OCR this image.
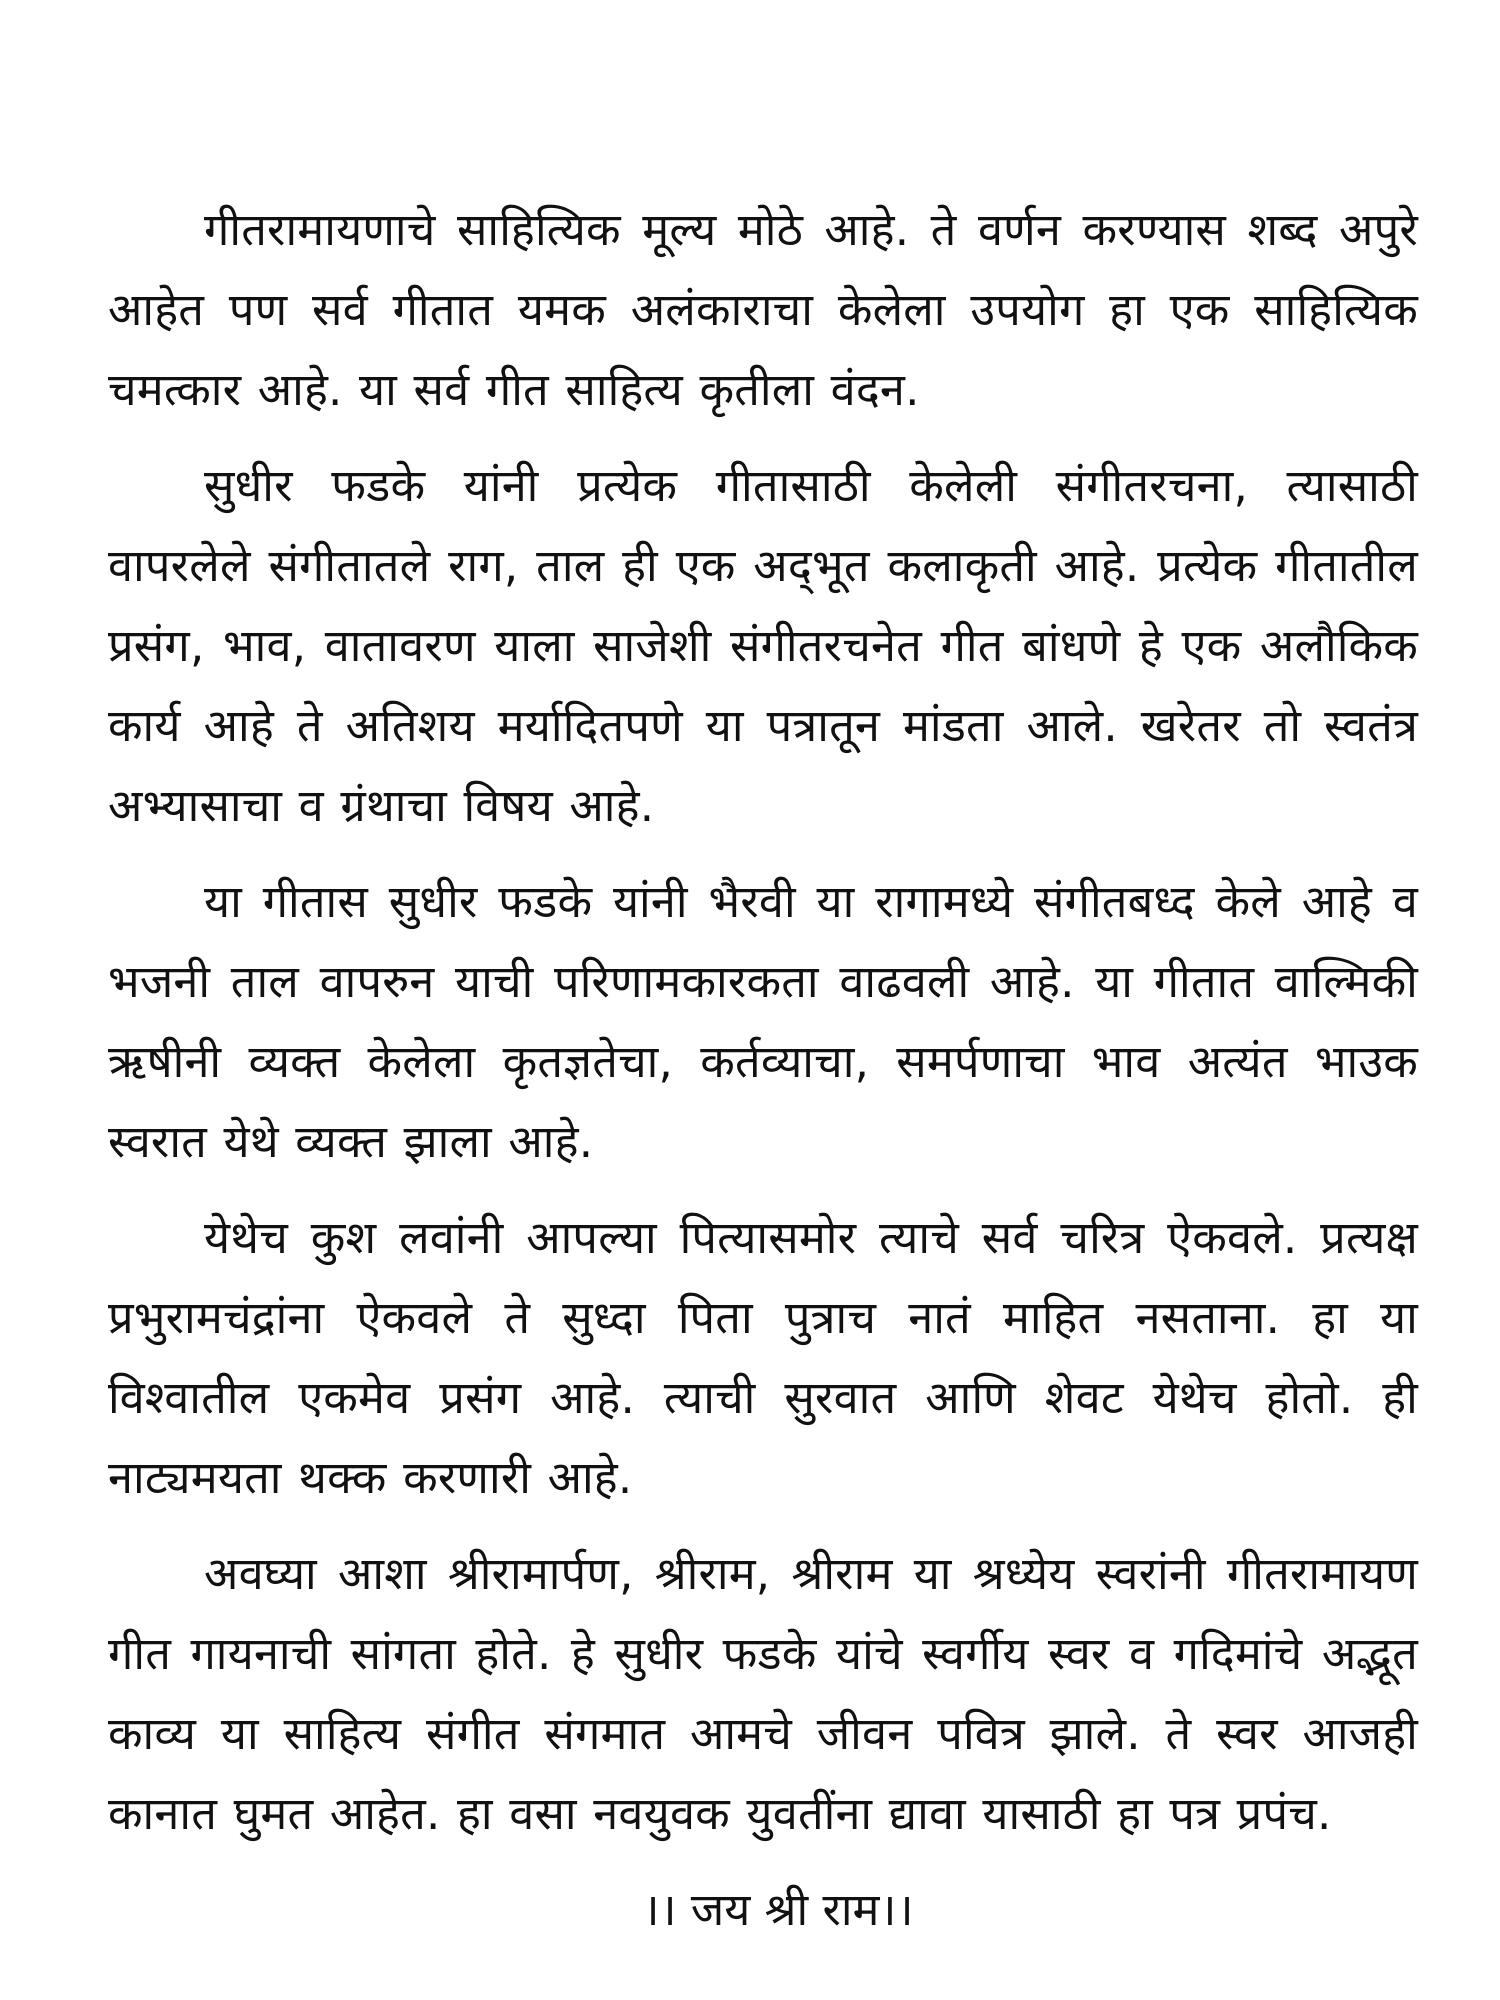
गीतरामायणाचे साहित्यिक मूल्य मोठे आहे. ते वर्णन करण्यास शब्द अपुरे आहेत पण सर्व गीतात यमक अलंकाराचा केलेला उपयोग हा एक साहित्यिक चमत्कार आहे. या सर्व गीत साहित्य कृतीला वंदन.

सुधीर फडके यांनी प्रत्येक गीतासाठी केलेली संगीतरचना, त्यासाठी वापरलेले संगीतातले राग, ताल ही एक अद्‌भूत कलाकृती आहे. प्रत्येक गीतातील प्रसंग, भाव, वातावरण याला साजेशी संगीतरचनेत गीत बांधणे हे एक अलौकिक कार्य आहे ते अतिशय मर्यादितपणे या पत्रातून मांडता आले. खरेतर तो स्वतंत्र अभ्यासाचा व ग्रंथाचा विषय आहे.

या गीतास सुधीर फडके यांनी भैरवी या रागामध्ये संगीतबध्द केले आहे व भजनी ताल वापरुन याची परिणामकारकता वाढवली आहे. या गीतात वाल्मिकी ऋषीनी व्यक्त केलेला कृतज्ञतेचा, कर्तव्याचा, समर्पणाचा भाव अत्यंत भाउक स्वरात येथे व्यक्त झाला आहे.

येथेच कुश लवांनी आपल्या पित्यासमोर त्याचे सर्व चरित्र ऐकवले. प्रत्यक्ष प्रभुरामचंद्रांना ऐकवले ते सुध्दा पिता पुत्राच नातं माहित नसताना. हा या विश्वातील एकमेव प्रसंग आहे. त्याची सुरवात आणि शेवट येथेच होतो. ही नाट्यमयता थक्क करणारी आहे.

अवघ्या आशा श्रीरामार्पण, श्रीराम, श्रीराम या श्रध्येय स्वरांनी गीतरामायण गीत गायनाची सांगता होते. हे सुधीर फडके यांचे स्वर्गीय स्वर व गदिमांचे अद्भूत काव्य या साहित्य संगीत संगमात आमचे जीवन पवित्र झाले. ते स्वर आजही कानात घुमत आहेत. हा वसा नवयुवक युवतींना द्यावा यासाठी हा पत्र प्रपंच.

।। जय श्री राम।।
